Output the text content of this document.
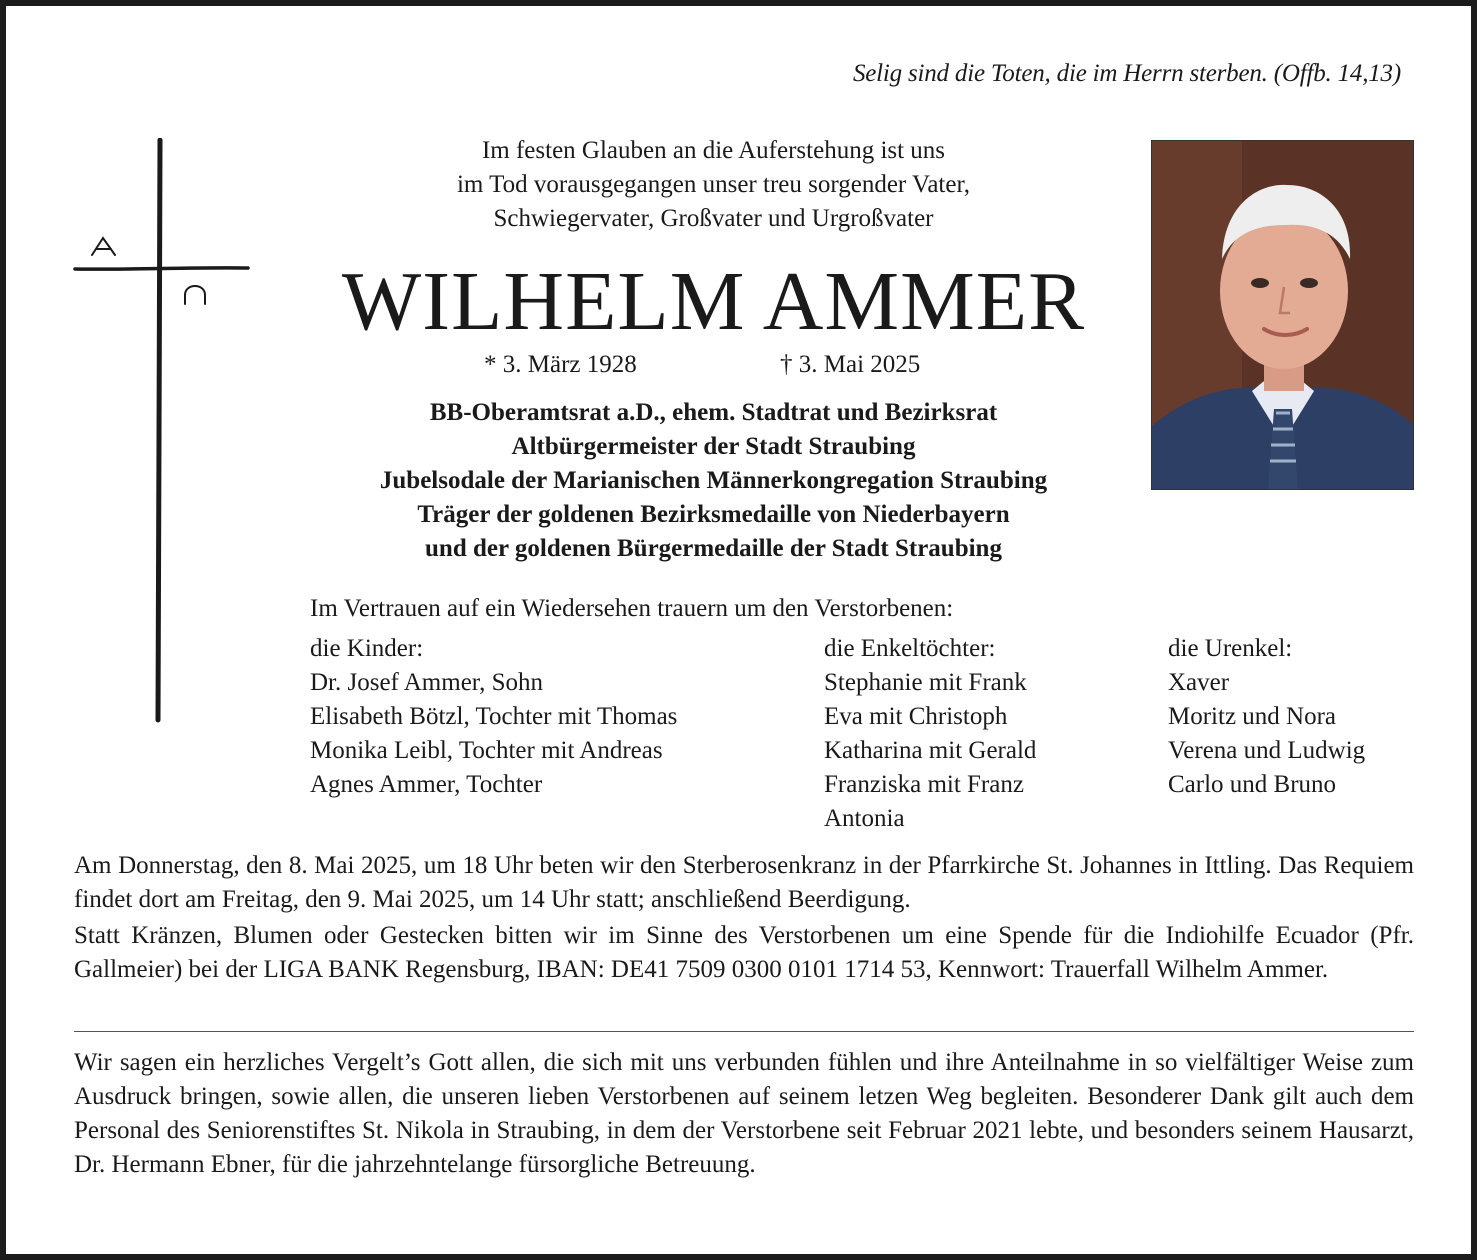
Selig sind die Toten, die im Herrn sterben. (Offb. 14,13)
Im festen Glauben an die Auferstehung ist uns
im Tod vorausgegangen unser treu sorgender Vater,
Schwiegervater, Großvater und Urgroßvater
WILHELM AMMER
* 3. März 1928	† 3. Mai 2025
BB-Oberamtsrat a.D., ehem. Stadtrat und Bezirksrat
Altbürgermeister der Stadt Straubing
Jubelsodale der Marianischen Männerkongregation Straubing
Träger der goldenen Bezirksmedaille von Niederbayern
und der goldenen Bürgermedaille der Stadt Straubing
Im Vertrauen auf ein Wiedersehen trauern um den Verstorbenen:
die Kinder:
Dr. Josef Ammer, Sohn
Elisabeth Bötzl, Tochter mit Thomas
Monika Leibl, Tochter mit Andreas
Agnes Ammer, Tochter
die Enkeltöchter:
Stephanie mit Frank
Eva mit Christoph
Katharina mit Gerald
Franziska mit Franz
Antonia
die Urenkel:
Xaver
Moritz und Nora
Verena und Ludwig
Carlo und Bruno
Am Donnerstag, den 8. Mai 2025, um 18 Uhr beten wir den Sterberosenkranz in der Pfarrkirche St. Johannes in Ittling. Das Requiem findet dort am Freitag, den 9. Mai 2025, um 14 Uhr statt; anschließend Beerdigung.
Statt Kränzen, Blumen oder Gestecken bitten wir im Sinne des Verstorbenen um eine Spende für die Indiohilfe Ecuador (Pfr. Gallmeier) bei der LIGA BANK Regensburg, IBAN: DE41 7509 0300 0101 1714 53, Kennwort: Trauerfall Wilhelm Ammer.
Wir sagen ein herzliches Vergelt’s Gott allen, die sich mit uns verbunden fühlen und ihre Anteilnahme in so vielfältiger Weise zum Ausdruck bringen, sowie allen, die unseren lieben Verstorbenen auf seinem letzen Weg begleiten. Besonderer Dank gilt auch dem Personal des Seniorenstiftes St. Nikola in Straubing, in dem der Verstorbene seit Februar 2021 lebte, und besonders seinem Hausarzt, Dr. Hermann Ebner, für die jahrzehntelange fürsorgliche Betreuung.
